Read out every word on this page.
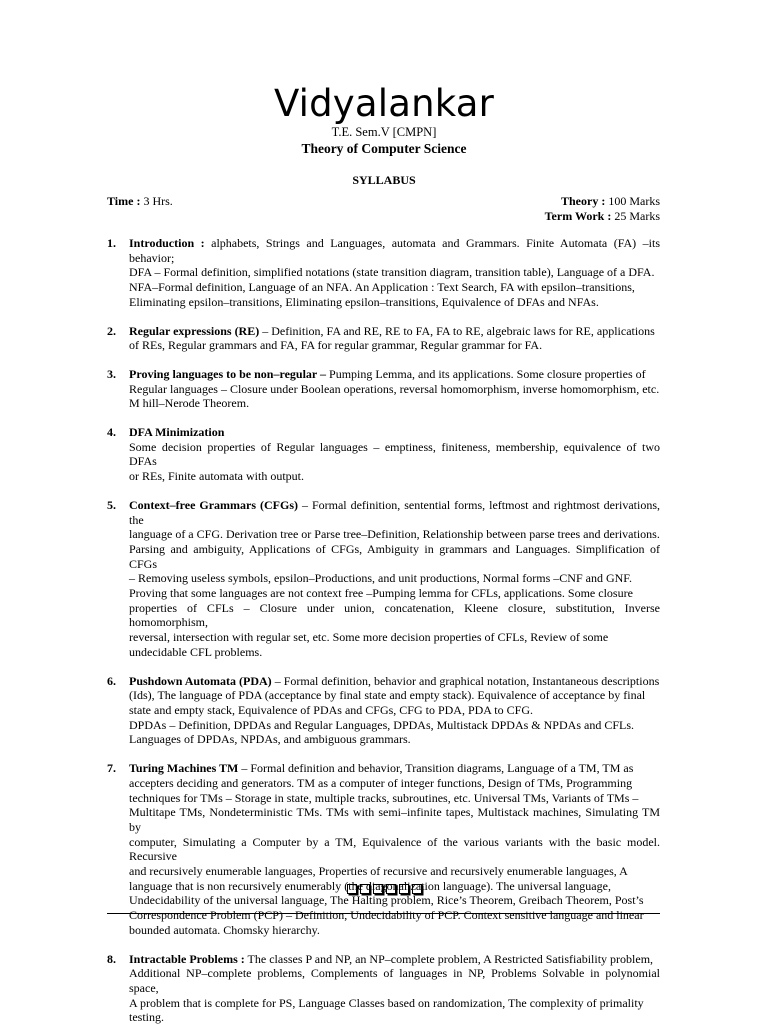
Vidyalankar
T.E. Sem.V [CMPN]
Theory of Computer Science
SYLLABUS
Time : 3 Hrs.	Theory : 100 Marks
Term Work : 25 Marks
1. Introduction : alphabets, Strings and Languages, automata and Grammars. Finite Automata (FA) –its behavior;
DFA – Formal definition, simplified notations (state transition diagram, transition table), Language of a DFA.
NFA–Formal definition, Language of an NFA. An Application : Text Search, FA with epsilon–transitions,
Eliminating epsilon–transitions, Eliminating epsilon–transitions, Equivalence of DFAs and NFAs.
2. Regular expressions (RE) – Definition, FA and RE, RE to FA, FA to RE, algebraic laws for RE, applications
of REs, Regular grammars and FA, FA for regular grammar, Regular grammar for FA.
3. Proving languages to be non–regular – Pumping Lemma, and its applications. Some closure properties of
Regular languages – Closure under Boolean operations, reversal homomorphism, inverse homomorphism, etc.
M hill–Nerode Theorem.
4. DFA Minimization
Some decision properties of Regular languages – emptiness, finiteness, membership, equivalence of two DFAs
or REs, Finite automata with output.
5. Context–free Grammars (CFGs) – Formal definition, sentential forms, leftmost and rightmost derivations, the
language of a CFG. Derivation tree or Parse tree–Definition, Relationship between parse trees and derivations.
Parsing and ambiguity, Applications of CFGs, Ambiguity in grammars and Languages. Simplification of CFGs
– Removing useless symbols, epsilon–Productions, and unit productions, Normal forms –CNF and GNF.
Proving that some languages are not context free –Pumping lemma for CFLs, applications. Some closure
properties of CFLs – Closure under union, concatenation, Kleene closure, substitution, Inverse homomorphism,
reversal, intersection with regular set, etc. Some more decision properties of CFLs, Review of some
undecidable CFL problems.
6. Pushdown Automata (PDA) – Formal definition, behavior and graphical notation, Instantaneous descriptions
(Ids), The language of PDA (acceptance by final state and empty stack). Equivalence of acceptance by final
state and empty stack, Equivalence of PDAs and CFGs, CFG to PDA, PDA to CFG.
DPDAs – Definition, DPDAs and Regular Languages, DPDAs, Multistack DPDAs & NPDAs and CFLs.
Languages of DPDAs, NPDAs, and ambiguous grammars.
7. Turing Machines TM – Formal definition and behavior, Transition diagrams, Language of a TM, TM as
accepters deciding and generators. TM as a computer of integer functions, Design of TMs, Programming
techniques for TMs – Storage in state, multiple tracks, subroutines, etc. Universal TMs, Variants of TMs –
Multitape TMs, Nondeterministic TMs. TMs with semi–infinite tapes, Multistack machines, Simulating TM by
computer, Simulating a Computer by a TM, Equivalence of the various variants with the basic model. Recursive
and recursively enumerable languages, Properties of recursive and recursively enumerable languages, A
language that is non recursively enumerably (the diagonalization language). The universal language,
Undecidability of the universal language, The Halting problem, Rice’s Theorem, Greibach Theorem, Post’s
Correspondence Problem (PCP) – Definition, Undecidability of PCP. Context sensitive language and linear
bounded automata. Chomsky hierarchy.
8. Intractable Problems : The classes P and NP, an NP–complete problem, A Restricted Satisfiability problem,
Additional NP–complete problems, Complements of languages in NP, Problems Solvable in polynomial space,
A problem that is complete for PS, Language Classes based on randomization, The complexity of primality
testing.
